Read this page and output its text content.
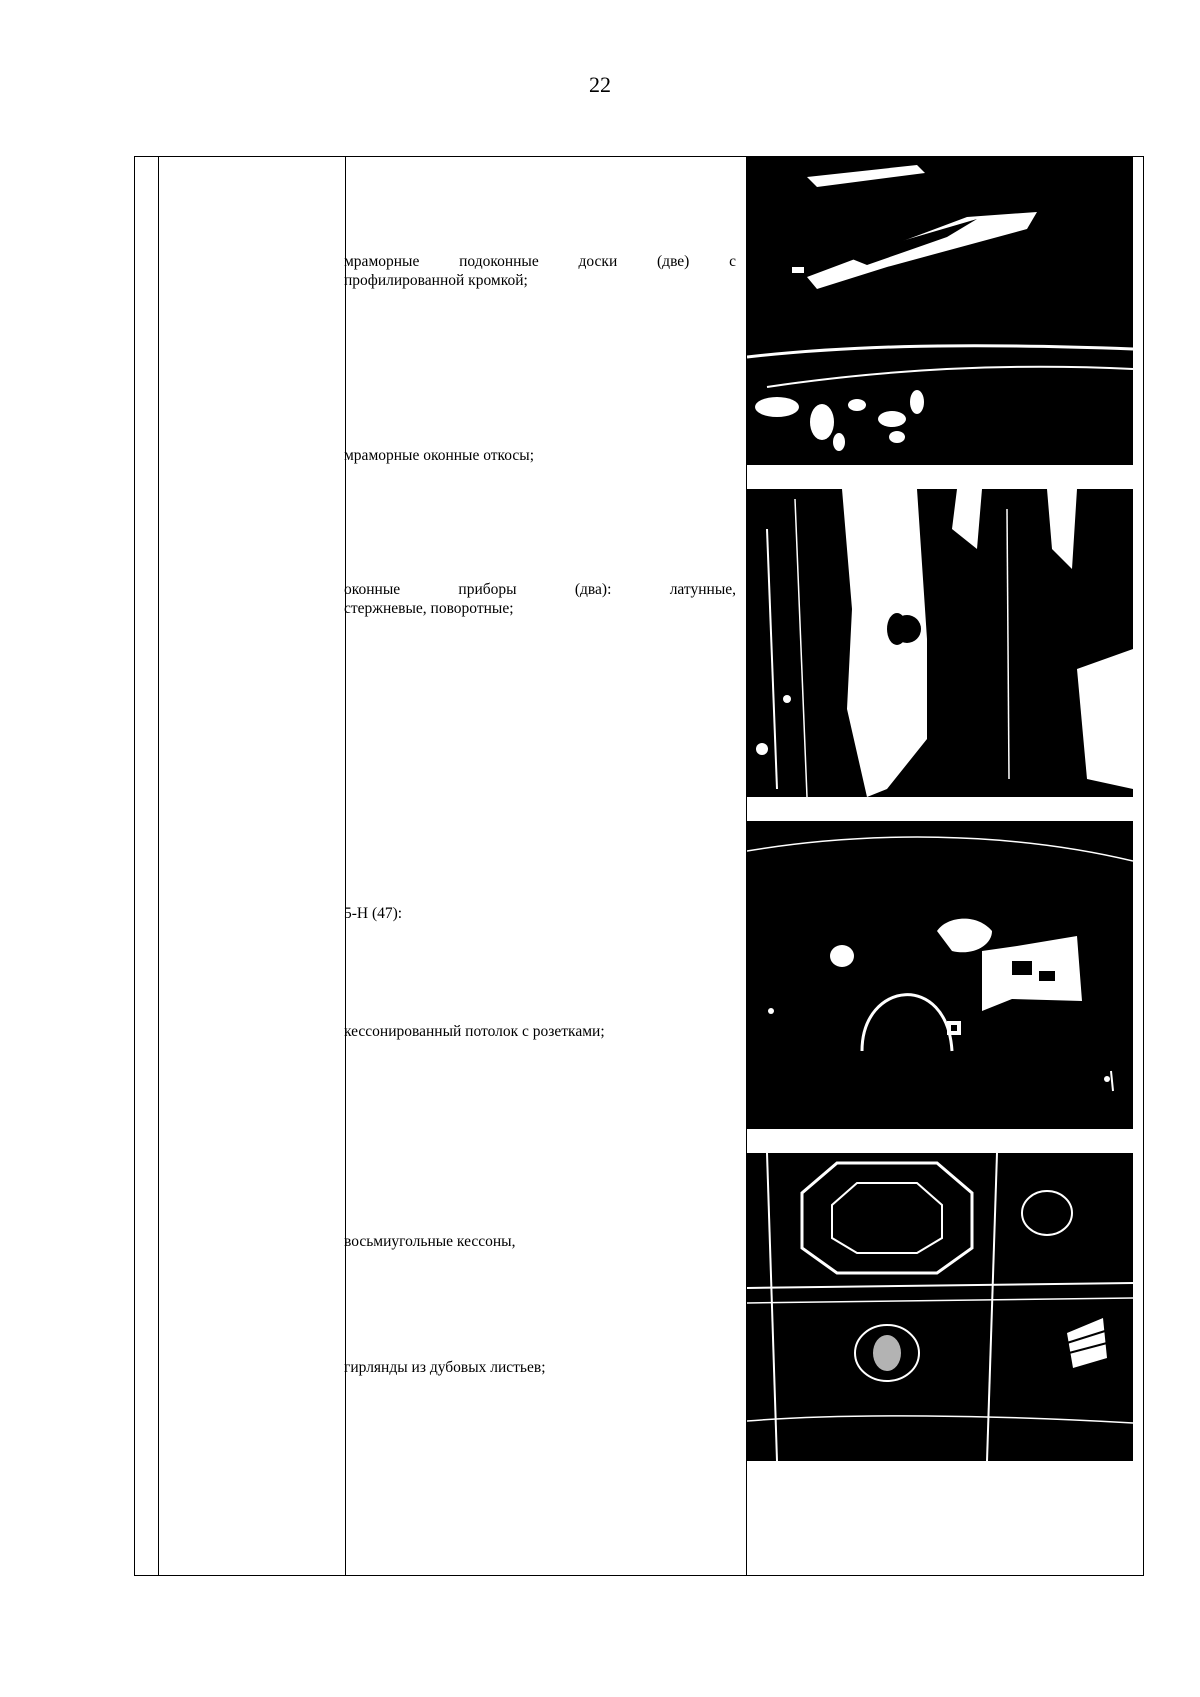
22
мраморные подоконные доски (две) с
профилированной кромкой;
мраморные оконные откосы;
оконные приборы (два): латунные,
стержневые, поворотные;
5-Н (47):
кессонированный потолок с розетками;
восьмиугольные кессоны,
гирлянды из дубовых листьев;
